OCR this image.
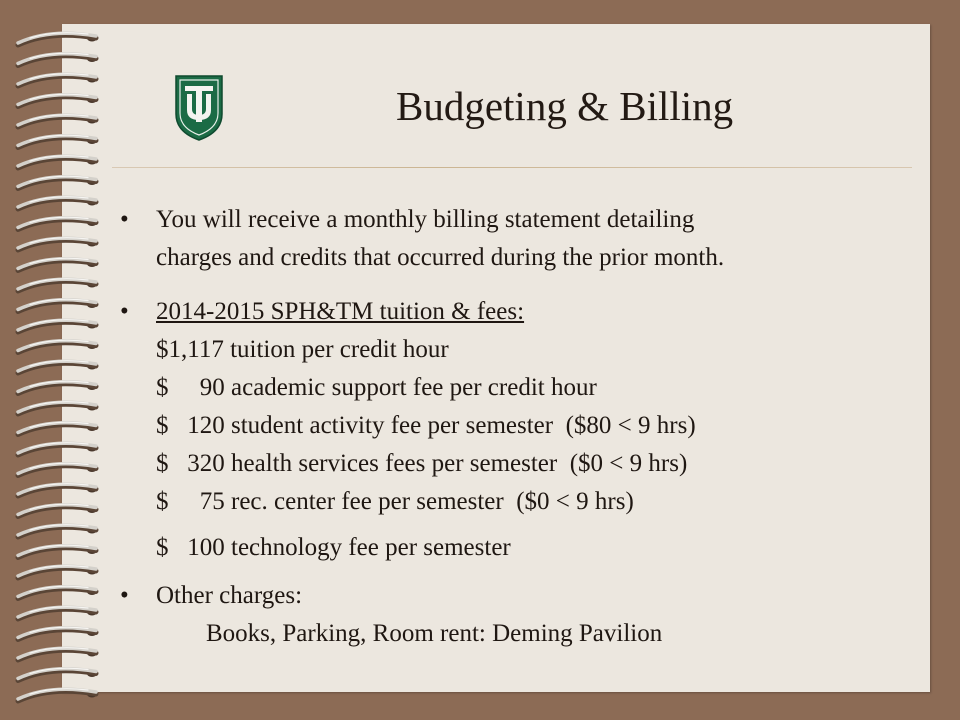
Budgeting & Billing
•	You will receive a monthly billing statement detailing
charges and credits that occurred during the prior month.
•	2014-2015 SPH&TM tuition & fees:
$1,117 tuition per credit hour
$     90 academic support fee per credit hour
$   120 student activity fee per semester  ($80 < 9 hrs)
$   320 health services fees per semester  ($0 < 9 hrs)
$     75 rec. center fee per semester  ($0 < 9 hrs)
$   100 technology fee per semester
•	Other charges:
Books, Parking, Room rent: Deming Pavilion
